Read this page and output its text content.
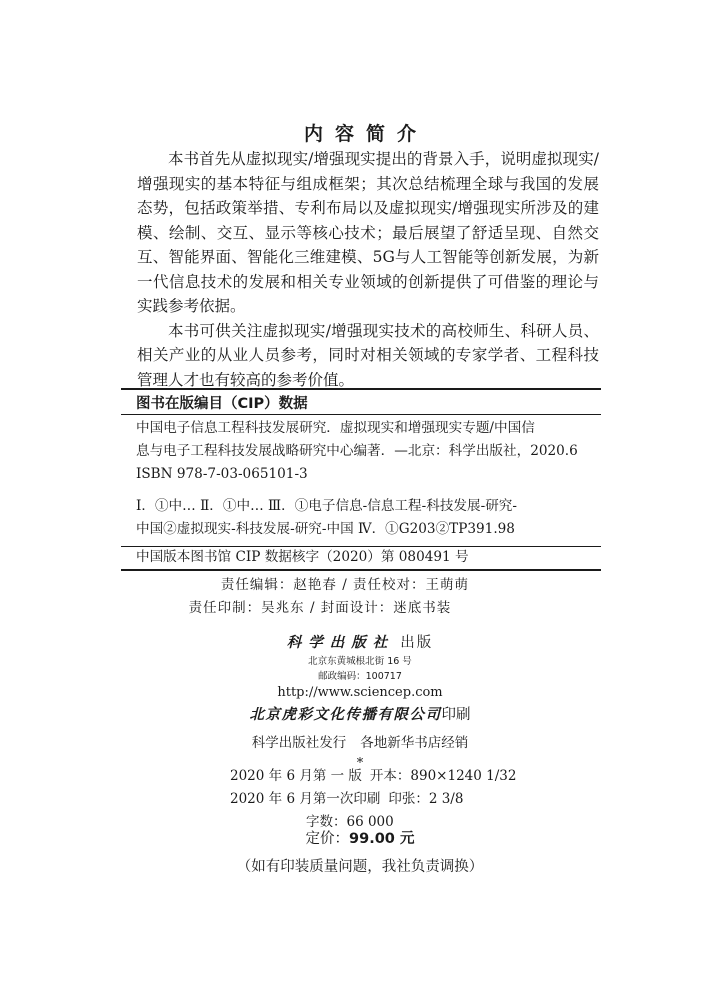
内容简介

本书首先从虚拟现实/增强现实提出的背景入手，说明虚拟现实/增强现实的基本特征与组成框架；其次总结梳理全球与我国的发展态势，包括政策举措、专利布局以及虚拟现实/增强现实所涉及的建模、绘制、交互、显示等核心技术；最后展望了舒适呈现、自然交互、智能界面、智能化三维建模、5G与人工智能等创新发展，为新一代信息技术的发展和相关专业领域的创新提供了可借鉴的理论与实践参考依据。

本书可供关注虚拟现实/增强现实技术的高校师生、科研人员、相关产业的从业人员参考，同时对相关领域的专家学者、工程科技管理人才也有较高的参考价值。

图书在版编目（CIP）数据
中国电子信息工程科技发展研究．虚拟现实和增强现实专题/中国信
息与电子工程科技发展战略研究中心编著．—北京：科学出版社，2020.6
ISBN 978-7-03-065101-3
Ⅰ．①中… Ⅱ．①中… Ⅲ．①电子信息-信息工程-科技发展-研究-
中国②虚拟现实-科技发展-研究-中国 Ⅳ．①G203②TP391.98
中国版本图书馆 CIP 数据核字（2020）第 080491 号
责任编辑：赵艳春 / 责任校对：王萌萌
责任印制：吴兆东 / 封面设计：迷底书装
科学出版社 出版
北京东黄城根北街 16 号
邮政编码：100717
http://www.sciencep.com
北京虎彩文化传播有限公司印刷
科学出版社发行 各地新华书店经销
*
2020 年 6 月第 一 版 开本：890×1240 1/32
2020 年 6 月第一次印刷 印张：2 3/8
字数：66 000
定价：99.00 元
（如有印装质量问题，我社负责调换）
